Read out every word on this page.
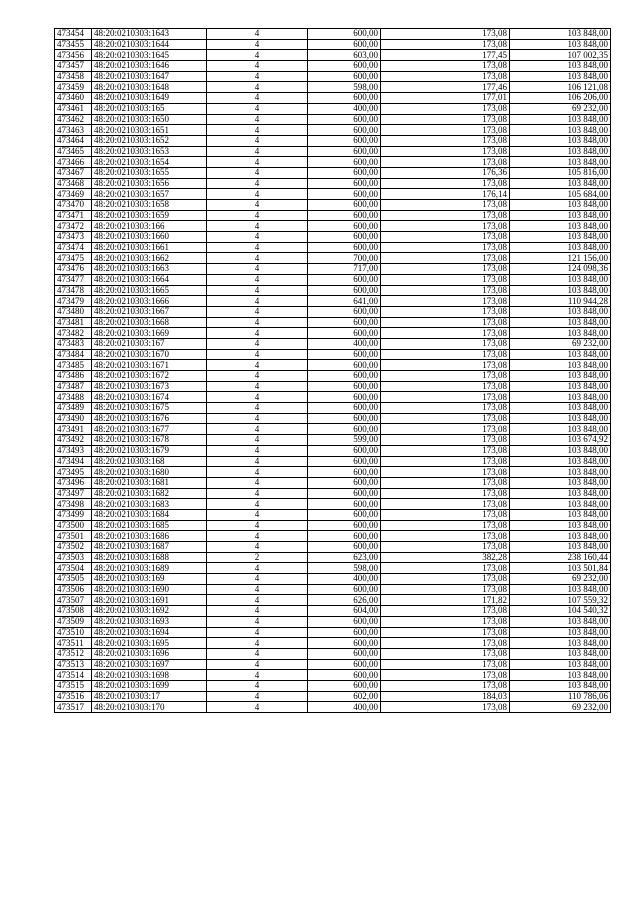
473454	48:20:0210303:1643	4	600,00	173,08	103 848,00
473455	48:20:0210303:1644	4	600,00	173,08	103 848,00
473456	48:20:0210303:1645	4	603,00	177,45	107 002,35
473457	48:20:0210303:1646	4	600,00	173,08	103 848,00
473458	48:20:0210303:1647	4	600,00	173,08	103 848,00
473459	48:20:0210303:1648	4	598,00	177,46	106 121,08
473460	48:20:0210303:1649	4	600,00	177,01	106 206,00
473461	48:20:0210303:165	4	400,00	173,08	69 232,00
473462	48:20:0210303:1650	4	600,00	173,08	103 848,00
473463	48:20:0210303:1651	4	600,00	173,08	103 848,00
473464	48:20:0210303:1652	4	600,00	173,08	103 848,00
473465	48:20:0210303:1653	4	600,00	173,08	103 848,00
473466	48:20:0210303:1654	4	600,00	173,08	103 848,00
473467	48:20:0210303:1655	4	600,00	176,36	105 816,00
473468	48:20:0210303:1656	4	600,00	173,08	103 848,00
473469	48:20:0210303:1657	4	600,00	176,14	105 684,00
473470	48:20:0210303:1658	4	600,00	173,08	103 848,00
473471	48:20:0210303:1659	4	600,00	173,08	103 848,00
473472	48:20:0210303:166	4	600,00	173,08	103 848,00
473473	48:20:0210303:1660	4	600,00	173,08	103 848,00
473474	48:20:0210303:1661	4	600,00	173,08	103 848,00
473475	48:20:0210303:1662	4	700,00	173,08	121 156,00
473476	48:20:0210303:1663	4	717,00	173,08	124 098,36
473477	48:20:0210303:1664	4	600,00	173,08	103 848,00
473478	48:20:0210303:1665	4	600,00	173,08	103 848,00
473479	48:20:0210303:1666	4	641,00	173,08	110 944,28
473480	48:20:0210303:1667	4	600,00	173,08	103 848,00
473481	48:20:0210303:1668	4	600,00	173,08	103 848,00
473482	48:20:0210303:1669	4	600,00	173,08	103 848,00
473483	48:20:0210303:167	4	400,00	173,08	69 232,00
473484	48:20:0210303:1670	4	600,00	173,08	103 848,00
473485	48:20:0210303:1671	4	600,00	173,08	103 848,00
473486	48:20:0210303:1672	4	600,00	173,08	103 848,00
473487	48:20:0210303:1673	4	600,00	173,08	103 848,00
473488	48:20:0210303:1674	4	600,00	173,08	103 848,00
473489	48:20:0210303:1675	4	600,00	173,08	103 848,00
473490	48:20:0210303:1676	4	600,00	173,08	103 848,00
473491	48:20:0210303:1677	4	600,00	173,08	103 848,00
473492	48:20:0210303:1678	4	599,00	173,08	103 674,92
473493	48:20:0210303:1679	4	600,00	173,08	103 848,00
473494	48:20:0210303:168	4	600,00	173,08	103 848,00
473495	48:20:0210303:1680	4	600,00	173,08	103 848,00
473496	48:20:0210303:1681	4	600,00	173,08	103 848,00
473497	48:20:0210303:1682	4	600,00	173,08	103 848,00
473498	48:20:0210303:1683	4	600,00	173,08	103 848,00
473499	48:20:0210303:1684	4	600,00	173,08	103 848,00
473500	48:20:0210303:1685	4	600,00	173,08	103 848,00
473501	48:20:0210303:1686	4	600,00	173,08	103 848,00
473502	48:20:0210303:1687	4	600,00	173,08	103 848,00
473503	48:20:0210303:1688	2	623,00	382,28	238 160,44
473504	48:20:0210303:1689	4	598,00	173,08	103 501,84
473505	48:20:0210303:169	4	400,00	173,08	69 232,00
473506	48:20:0210303:1690	4	600,00	173,08	103 848,00
473507	48:20:0210303:1691	4	626,00	171,82	107 559,32
473508	48:20:0210303:1692	4	604,00	173,08	104 540,32
473509	48:20:0210303:1693	4	600,00	173,08	103 848,00
473510	48:20:0210303:1694	4	600,00	173,08	103 848,00
473511	48:20:0210303:1695	4	600,00	173,08	103 848,00
473512	48:20:0210303:1696	4	600,00	173,08	103 848,00
473513	48:20:0210303:1697	4	600,00	173,08	103 848,00
473514	48:20:0210303:1698	4	600,00	173,08	103 848,00
473515	48:20:0210303:1699	4	600,00	173,08	103 848,00
473516	48:20:0210303:17	4	602,00	184,03	110 786,06
473517	48:20:0210303:170	4	400,00	173,08	69 232,00
